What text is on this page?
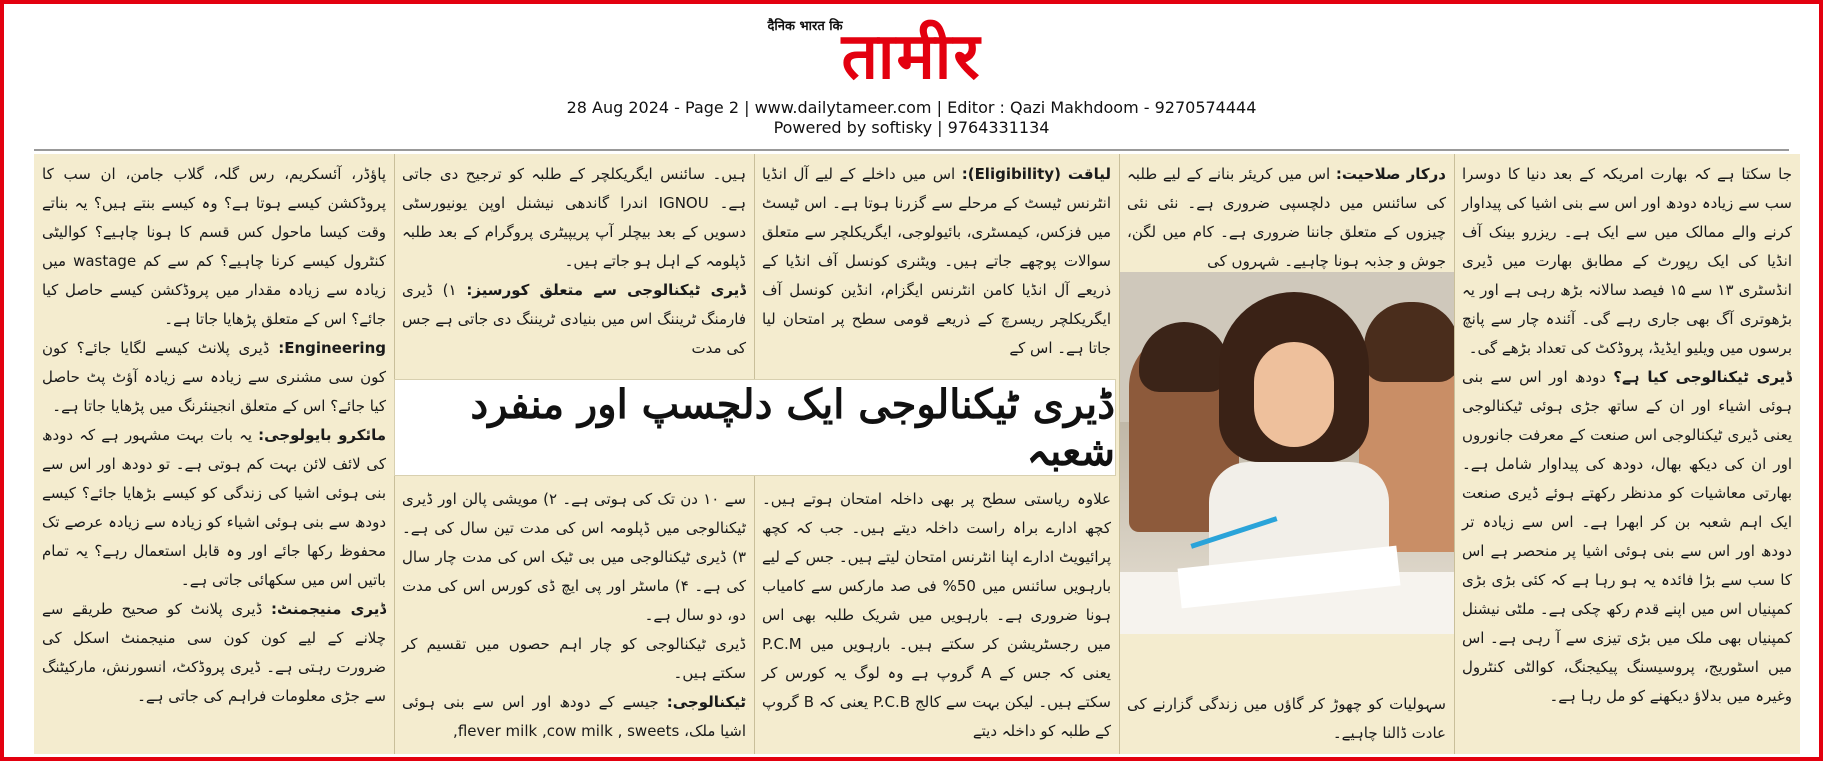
दैनिक भारत कि
तामीर
28 Aug 2024 - Page 2 | www.dailytameer.com | Editor : Qazi Makhdoom - 9270574444
Powered by softisky | 9764331134

جا سکتا ہے کہ بھارت امریکہ کے بعد دنیا کا دوسرا سب سے زیادہ دودھ اور اس سے بنی اشیا کی پیداوار کرنے والے ممالک میں سے ایک ہے۔ ریزرو بینک آف انڈیا کی ایک رپورٹ کے مطابق بھارت میں ڈیری انڈسٹری ۱۳ سے ۱۵ فیصد سالانہ بڑھ رہی ہے اور یہ بڑھوتری آگ بھی جاری رہے گی۔ آئندہ چار سے پانچ برسوں میں ویلیو ایڈیڈ، پروڈکٹ کی تعداد بڑھے گی۔

ڈیری ٹیکنالوجی کیا ہے؟ دودھ اور اس سے بنی ہوئی اشیاء اور ان کے ساتھ جڑی ہوئی ٹیکنالوجی یعنی ڈیری ٹیکنالوجی اس صنعت کے معرفت جانوروں اور ان کی دیکھ بھال، دودھ کی پیداوار شامل ہے۔ بھارتی معاشیات کو مدنظر رکھتے ہوئے ڈیری صنعت ایک اہم شعبہ بن کر ابھرا ہے۔ اس سے زیادہ تر دودھ اور اس سے بنی ہوئی اشیا پر منحصر ہے اس کا سب سے بڑا فائدہ یہ ہو رہا ہے کہ کئی بڑی بڑی کمپنیاں اس میں اپنے قدم رکھ چکی ہے۔ ملٹی نیشنل کمپنیاں بھی ملک میں بڑی تیزی سے آ رہی ہے۔ اس میں اسٹوریج، پروسیسنگ پیکیجنگ، کوالٹی کنٹرول وغیرہ میں بدلاؤ دیکھنے کو مل رہا ہے۔

درکار صلاحیت: اس میں کریئر بنانے کے لیے طلبہ کی سائنس میں دلچسپی ضروری ہے۔ نئی نئی چیزوں کے متعلق جاننا ضروری ہے۔ کام میں لگن، جوش و جذبہ ہونا چاہیے۔ شہروں کی

سہولیات کو چھوڑ کر گاؤں میں زندگی گزارنے کی عادت ڈالنا چاہیے۔

لیاقت (Eligibility): اس میں داخلے کے لیے آل انڈیا انٹرنس ٹیسٹ کے مرحلے سے گزرنا ہوتا ہے۔ اس ٹیسٹ میں فزکس، کیمسٹری، بائیولوجی، ایگریکلچر سے متعلق سوالات پوچھے جاتے ہیں۔ ویٹنری کونسل آف انڈیا کے ذریعے آل انڈیا کامن انٹرنس ایگزام، انڈین کونسل آف ایگریکلچر ریسرچ کے ذریعے قومی سطح پر امتحان لیا جاتا ہے۔ اس کے

علاوہ ریاستی سطح پر بھی داخلہ امتحان ہوتے ہیں۔ کچھ ادارے براہ راست داخلہ دیتے ہیں۔ جب کہ کچھ پرائیویٹ ادارے اپنا انٹرنس امتحان لیتے ہیں۔ جس کے لیے بارہویں سائنس میں 50% فی صد مارکس سے کامیاب ہونا ضروری ہے۔ بارہویں میں شریک طلبہ بھی اس میں رجسٹریشن کر سکتے ہیں۔ بارہویں میں P.C.M یعنی کہ جس کے A گروپ ہے وہ لوگ یہ کورس کر سکتے ہیں۔ لیکن بہت سے کالج P.C.B یعنی کہ B گروپ کے طلبہ کو داخلہ دیتے

ہیں۔ سائنس ایگریکلچر کے طلبہ کو ترجیح دی جاتی ہے۔ IGNOU اندرا گاندھی نیشنل اوپن یونیورسٹی دسویں کے بعد بیچلر آپ پریپیٹری پروگرام کے بعد طلبہ ڈپلومہ کے اہل ہو جاتے ہیں۔

ڈیری ٹیکنالوجی سے متعلق کورسیز: ۱) ڈیری فارمنگ ٹریننگ اس میں بنیادی ٹریننگ دی جاتی ہے جس کی مدت

سے ۱۰ دن تک کی ہوتی ہے۔ ۲) مویشی پالن اور ڈیری ٹیکنالوجی میں ڈپلومہ اس کی مدت تین سال کی ہے۔ ۳) ڈیری ٹیکنالوجی میں بی ٹیک اس کی مدت چار سال کی ہے۔ ۴) ماسٹر اور پی ایچ ڈی کورس اس کی مدت دو، دو سال ہے۔

ڈیری ٹیکنالوجی کو چار اہم حصوں میں تقسیم کر سکتے ہیں۔

ٹیکنالوجی: جیسے کے دودھ اور اس سے بنی ہوئی اشیا ملک، flever milk ,cow milk , sweets,

ڈیری ٹیکنالوجی ایک دلچسپ اور منفرد شعبہ

پاؤڈر، آئسکریم، رس گلہ، گلاب جامن، ان سب کا پروڈکشن کیسے ہوتا ہے؟ وہ کیسے بنتے ہیں؟ یہ بناتے وقت کیسا ماحول کس قسم کا ہونا چاہیے؟ کوالیٹی کنٹرول کیسے کرنا چاہیے؟ کم سے کم wastage میں زیادہ سے زیادہ مقدار میں پروڈکشن کیسے حاصل کیا جائے؟ اس کے متعلق پڑھایا جاتا ہے۔

Engineering: ڈیری پلانٹ کیسے لگایا جائے؟ کون کون سی مشنری سے زیادہ سے زیادہ آؤٹ پٹ حاصل کیا جائے؟ اس کے متعلق انجینئرنگ میں پڑھایا جاتا ہے۔

مائکرو بایولوجی: یہ بات بہت مشہور ہے کہ دودھ کی لائف لائن بہت کم ہوتی ہے۔ تو دودھ اور اس سے بنی ہوئی اشیا کی زندگی کو کیسے بڑھایا جائے؟ کیسے دودھ سے بنی ہوئی اشیاء کو زیادہ سے زیادہ عرصے تک محفوظ رکھا جائے اور وہ قابل استعمال رہے؟ یہ تمام باتیں اس میں سکھائی جاتی ہے۔

ڈیری منیجمنٹ: ڈیری پلانٹ کو صحیح طریقے سے چلانے کے لیے کون کون سی منیجمنٹ اسکل کی ضرورت رہتی ہے۔ ڈیری پروڈکٹ، انسورنش، مارکیٹنگ سے جڑی معلومات فراہم کی جاتی ہے۔
